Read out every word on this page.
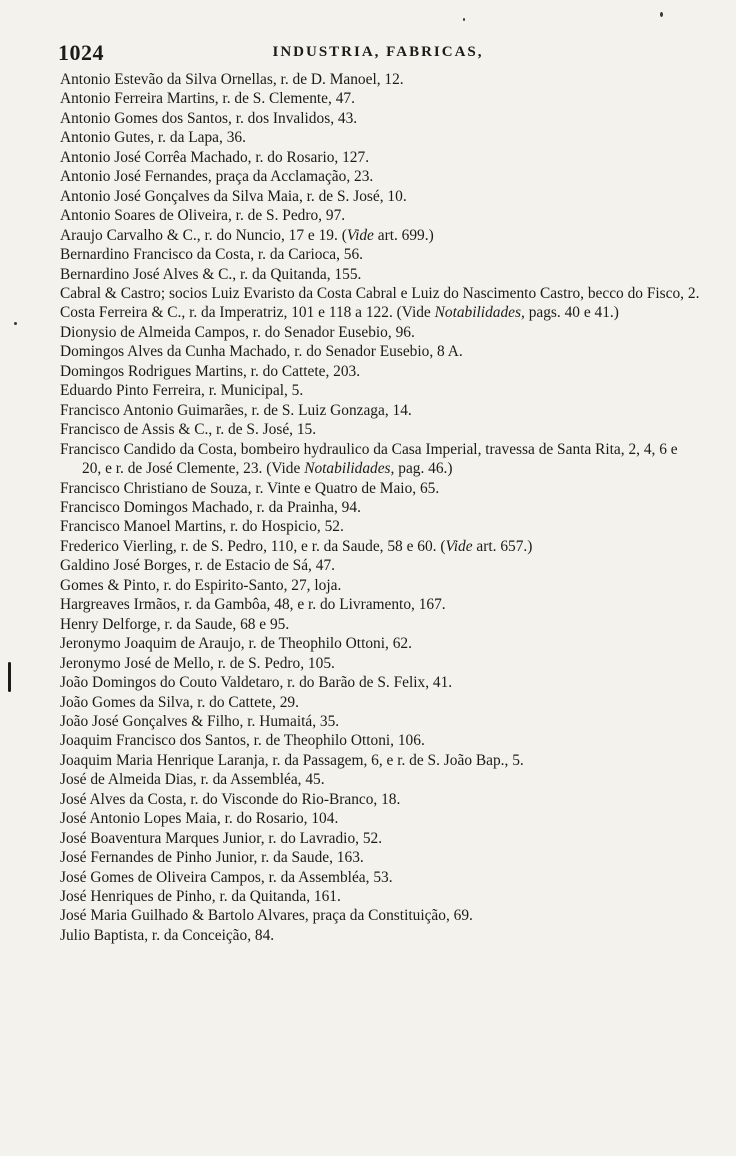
1024	INDUSTRIA, FABRICAS,
Antonio Estevão da Silva Ornellas, r. de D. Manoel, 12.
Antonio Ferreira Martins, r. de S. Clemente, 47.
Antonio Gomes dos Santos, r. dos Invalidos, 43.
Antonio Gutes, r. da Lapa, 36.
Antonio José Corrêa Machado, r. do Rosario, 127.
Antonio José Fernandes, praça da Acclamação, 23.
Antonio José Gonçalves da Silva Maia, r. de S. José, 10.
Antonio Soares de Oliveira, r. de S. Pedro, 97.
Araujo Carvalho & C., r. do Nuncio, 17 e 19. (Vide art. 699.)
Bernardino Francisco da Costa, r. da Carioca, 56.
Bernardino José Alves & C., r. da Quitanda, 155.
Cabral & Castro; socios Luiz Evaristo da Costa Cabral e Luiz do Nascimento Castro, becco do Fisco, 2.
Costa Ferreira & C., r. da Imperatriz, 101 e 118 a 122. (Vide Notabilidades, pags. 40 e 41.)
Dionysio de Almeida Campos, r. do Senador Eusebio, 96.
Domingos Alves da Cunha Machado, r. do Senador Eusebio, 8 A.
Domingos Rodrigues Martins, r. do Cattete, 203.
Eduardo Pinto Ferreira, r. Municipal, 5.
Francisco Antonio Guimarães, r. de S. Luiz Gonzaga, 14.
Francisco de Assis & C., r. de S. José, 15.
Francisco Candido da Costa, bombeiro hydraulico da Casa Imperial, travessa de Santa Rita, 2, 4, 6 e 20, e r. de José Clemente, 23. (Vide Notabilidades, pag. 46.)
Francisco Christiano de Souza, r. Vinte e Quatro de Maio, 65.
Francisco Domingos Machado, r. da Prainha, 94.
Francisco Manoel Martins, r. do Hospicio, 52.
Frederico Vierling, r. de S. Pedro, 110, e r. da Saude, 58 e 60. (Vide art. 657.)
Galdino José Borges, r. de Estacio de Sá, 47.
Gomes & Pinto, r. do Espirito-Santo, 27, loja.
Hargreaves Irmãos, r. da Gambôa, 48, e r. do Livramento, 167.
Henry Delforge, r. da Saude, 68 e 95.
Jeronymo Joaquim de Araujo, r. de Theophilo Ottoni, 62.
Jeronymo José de Mello, r. de S. Pedro, 105.
João Domingos do Couto Valdetaro, r. do Barão de S. Felix, 41.
João Gomes da Silva, r. do Cattete, 29.
João José Gonçalves & Filho, r. Humaitá, 35.
Joaquim Francisco dos Santos, r. de Theophilo Ottoni, 106.
Joaquim Maria Henrique Laranja, r. da Passagem, 6, e r. de S. João Bap., 5.
José de Almeida Dias, r. da Assembléa, 45.
José Alves da Costa, r. do Visconde do Rio-Branco, 18.
José Antonio Lopes Maia, r. do Rosario, 104.
José Boaventura Marques Junior, r. do Lavradio, 52.
José Fernandes de Pinho Junior, r. da Saude, 163.
José Gomes de Oliveira Campos, r. da Assembléa, 53.
José Henriques de Pinho, r. da Quitanda, 161.
José Maria Guilhado & Bartolo Alvares, praça da Constituição, 69.
Julio Baptista, r. da Conceição, 84.
